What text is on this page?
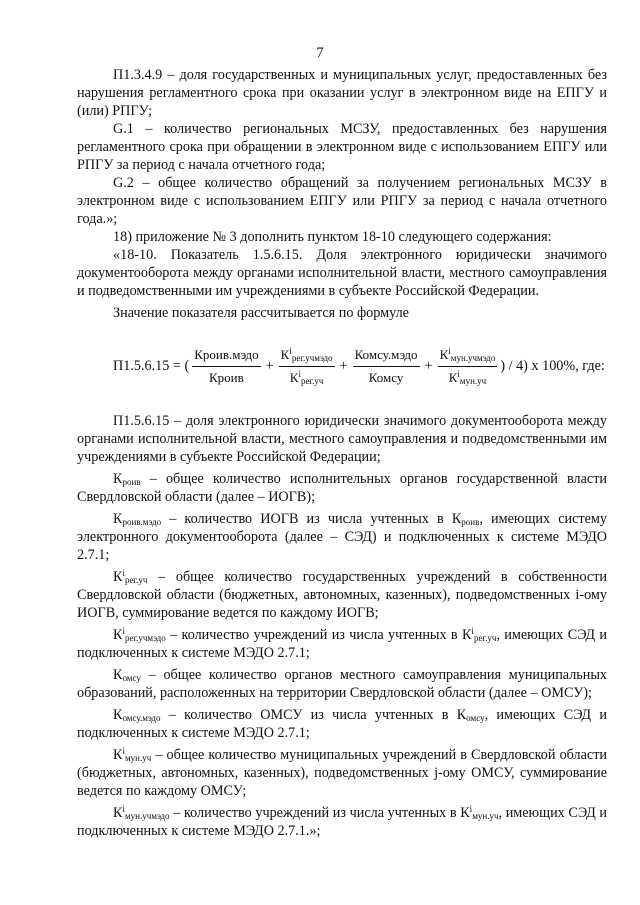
7

П1.3.4.9 – доля государственных и муниципальных услуг, предоставленных без нарушения регламентного срока при оказании услуг в электронном виде на ЕПГУ и (или) РПГУ;

G.1 – количество региональных МСЗУ, предоставленных без нарушения регламентного срока при обращении в электронном виде с использованием ЕПГУ или РПГУ за период с начала отчетного года;

G.2 – общее количество обращений за получением региональных МСЗУ в электронном виде с использованием ЕПГУ или РПГУ за период с начала отчетного года.»;

18) приложение № 3 дополнить пунктом 18-10 следующего содержания:

«18-10. Показатель 1.5.6.15. Доля электронного юридически значимого документооборота между органами исполнительной власти, местного самоуправления и подведомственными им учреждениями в субъекте Российской Федерации.

Значение показателя рассчитывается по формуле

П1.5.6.15 = ( $\frac{\text{Кроив.мэдо}}{\text{Кроив}} + \frac{К^i_{рег.учмэдо}}{К^i_{рег.уч}} + \frac{\text{Комсу.мэдо}}{\text{Комсу}} + \frac{К^i_{мун.учмэдо}}{К^i_{мун.уч}}$ ) / 4) х 100%, где:

П1.5.6.15 – доля электронного юридически значимого документооборота между органами исполнительной власти, местного самоуправления и подведомственными им учреждениями в субъекте Российской Федерации;

$К_{роив}$ – общее количество исполнительных органов государственной власти Свердловской области (далее – ИОГВ);

$К_{роив.мэдо}$ – количество ИОГВ из числа учтенных в $К_{роив}$, имеющих систему электронного документооборота (далее – СЭД) и подключенных к системе МЭДО 2.7.1;

$К^i_{рег.уч}$ – общее количество государственных учреждений в собственности Свердловской области (бюджетных, автономных, казенных), подведомственных i-ому ИОГВ, суммирование ведется по каждому ИОГВ;

$К^i_{рег.учмэдо}$ – количество учреждений из числа учтенных в $К^i_{рег.уч}$, имеющих СЭД и подключенных к системе МЭДО 2.7.1;

$К_{омсу}$ – общее количество органов местного самоуправления муниципальных образований, расположенных на территории Свердловской области (далее – ОМСУ);

$К_{омсу.мэдо}$ – количество ОМСУ из числа учтенных в $К_{омсу}$, имеющих СЭД и подключенных к системе МЭДО 2.7.1;

$К^i_{мун.уч}$ – общее количество муниципальных учреждений в Свердловской области (бюджетных, автономных, казенных), подведомственных j-ому ОМСУ, суммирование ведется по каждому ОМСУ;

$К^i_{мун.учмэдо}$ – количество учреждений из числа учтенных в $К^i_{мун.уч}$, имеющих СЭД и подключенных к системе МЭДО 2.7.1.»;
